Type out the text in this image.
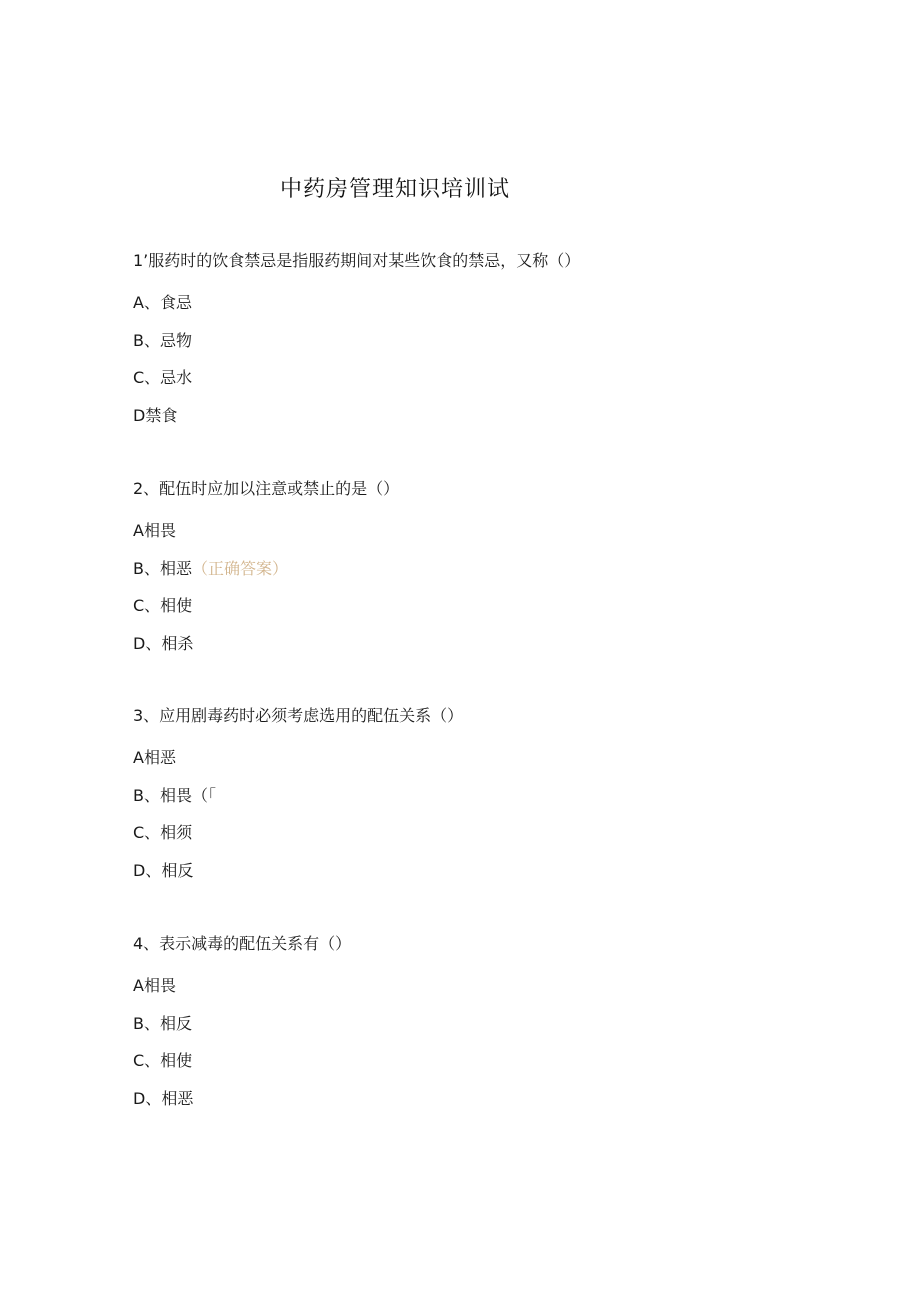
中药房管理知识培训试
1’服药时的饮食禁忌是指服药期间对某些饮食的禁忌，又称（）
A、食忌
B、忌物
C、忌水
D禁食
2、配伍时应加以注意或禁止的是（）
A相畏
B、相恶（正确答案）
C、相使
D、相杀
3、应用剧毒药时必须考虑选用的配伍关系（）
A相恶
B、相畏（「
C、相须
D、相反
4、表示减毒的配伍关系有（）
A相畏
B、相反
C、相使
D、相恶
